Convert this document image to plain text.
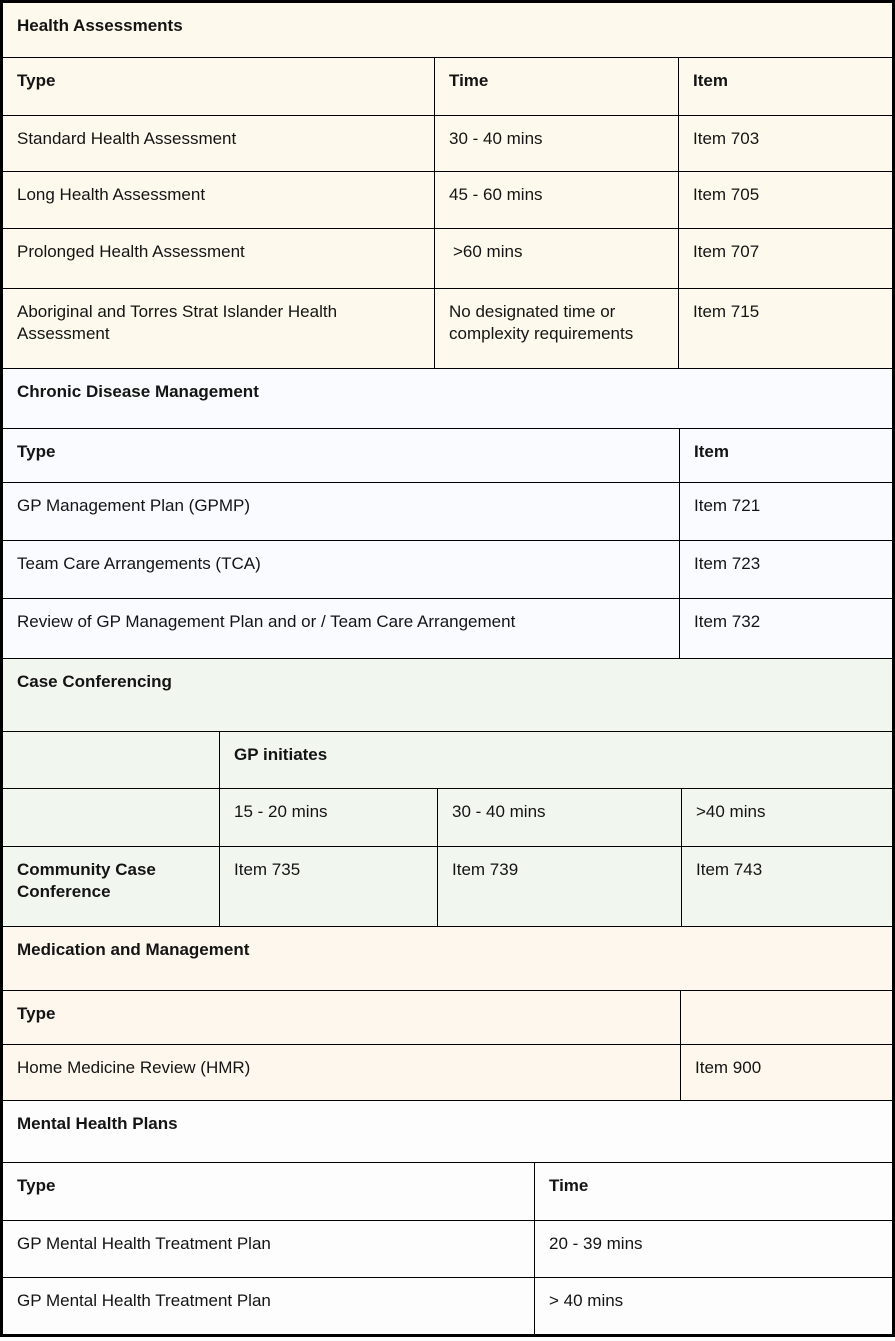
Health Assessments		
Type	Time	Item
Standard Health Assessment	30 - 40 mins	Item 703
Long Health Assessment	45 - 60 mins	Item 705
Prolonged Health Assessment	>60 mins	Item 707
Aboriginal and Torres Strat Islander Health Assessment	No designated time or complexity requirements	Item 715
Chronic Disease Management	
Type	Item
GP Management Plan (GPMP)	Item 721
Team Care Arrangements (TCA)	Item 723
Review of GP Management Plan and or / Team Care Arrangement	Item 732
Case Conferencing			
	GP initiates		
	15 - 20 mins	30 - 40 mins	>40 mins
Community Case Conference	Item 735	Item 739	Item 743
Medication and Management	
Type	
Home Medicine Review (HMR)	Item 900
Mental Health Plans	
Type	Time
GP Mental Health Treatment Plan	20 - 39 mins
GP Mental Health Treatment Plan	> 40 mins
